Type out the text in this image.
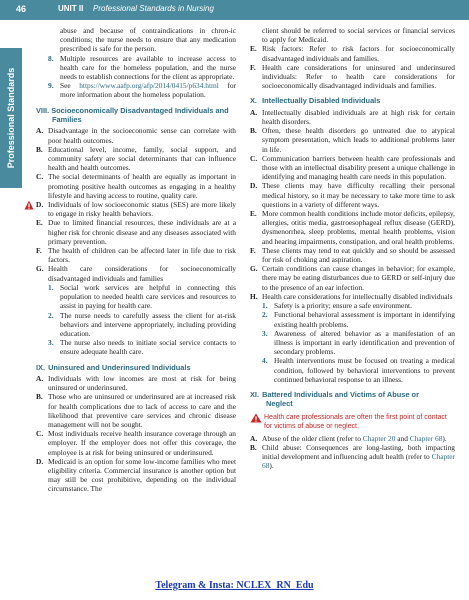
46	UNIT II Professional Standards in Nursing
Professional Standards
abuse and because of contraindications in chron-ic conditions; the nurse needs to ensure that any medication prescribed is safe for the person.
8. Multiple resources are available to increase access to health care for the homeless population, and the nurse needs to establish connections for the client as appropriate.
9. See https://www.aafp.org/afp/2014/0415/p634.html for more information about the homeless population.
VIII. Socioeconomically Disadvantaged Individuals and
Families
A. Disadvantage in the socioeconomic sense can correlate with poor health outcomes.
B. Educational level, income, family, social support, and community safety are social determinants that can influence health and health outcomes.
C. The social determinants of health are equally as important in promoting positive health outcomes as engaging in a healthy lifestyle and having access to routine, quality care.
D. Individuals of low socioeconomic status (SES) are more likely to engage in risky health behaviors.
E. Due to limited financial resources, these individuals are at a higher risk for chronic disease and any diseases associated with primary prevention.
F. The health of children can be affected later in life due to risk factors.
G. Health care considerations for socioeconomically disadvantaged individuals and families
1. Social work services are helpful in connecting this population to needed health care services and resources to assist in paying for health care.
2. The nurse needs to carefully assess the client for at-risk behaviors and intervene appropriately, including providing education.
3. The nurse also needs to initiate social service contacts to ensure adequate health care.
IX. Uninsured and Underinsured Individuals
A. Individuals with low incomes are most at risk for being uninsured or underinsured.
B. Those who are uninsured or underinsured are at increased risk for health complications due to lack of access to care and the likelihood that preventive care services and chronic disease management will not be sought.
C. Most individuals receive health insurance coverage through an employer. If the employer does not offer this coverage, the employee is at risk for being uninsured or underinsured.
D. Medicaid is an option for some low-income families who meet eligibility criteria. Commercial insurance is another option but may still be cost prohibitive, depending on the individual circumstance. The
client should be referred to social services or financial services to apply for Medicaid.
E. Risk factors: Refer to risk factors for socioeconomically disadvantaged individuals and families.
F. Health care considerations for uninsured and underinsured individuals: Refer to health care considerations for socioeconomically disadvantaged individuals and families.
X. Intellectually Disabled Individuals
A. Intellectually disabled individuals are at high risk for certain health disorders.
B. Often, these health disorders go untreated due to atypical symptom presentation, which leads to additional problems later in life.
C. Communication barriers between health care professionals and those with an intellectual disability present a unique challenge in identifying and managing health care needs in this population.
D. These clients may have difficulty recalling their personal medical history, so it may be necessary to take more time to ask questions in a variety of different ways.
E. More common health conditions include motor deficits, epilepsy, allergies, otitis media, gastroesophageal reflux disease (GERD), dysmenorrhea, sleep problems, mental health problems, vision and hearing impairments, constipation, and oral health problems.
F. These clients may tend to eat quickly and so should be assessed for risk of choking and aspiration.
G. Certain conditions can cause changes in behavior; for example, there may be eating disturbances due to GERD or self-injury due to the presence of an ear infection.
H. Health care considerations for intellectually disabled individuals
1. Safety is a priority; ensure a safe environment.
2. Functional behavioral assessment is important in identifying existing health problems.
3. Awareness of altered behavior as a manifestation of an illness is important in early identification and prevention of secondary problems.
4. Health interventions must be focused on treating a medical condition, followed by behavioral interventions to prevent continued behavioral response to an illness.
XI. Battered Individuals and Victims of Abuse or
Neglect
Health care professionals are often the first point of contact for victims of abuse or neglect.
A. Abuse of the older client (refer to Chapter 20 and Chapter 68).
B. Child abuse: Consequences are long-lasting, both impacting initial development and influencing adult health (refer to Chapter 68).
Telegram & Insta: NCLEX_RN_Edu
